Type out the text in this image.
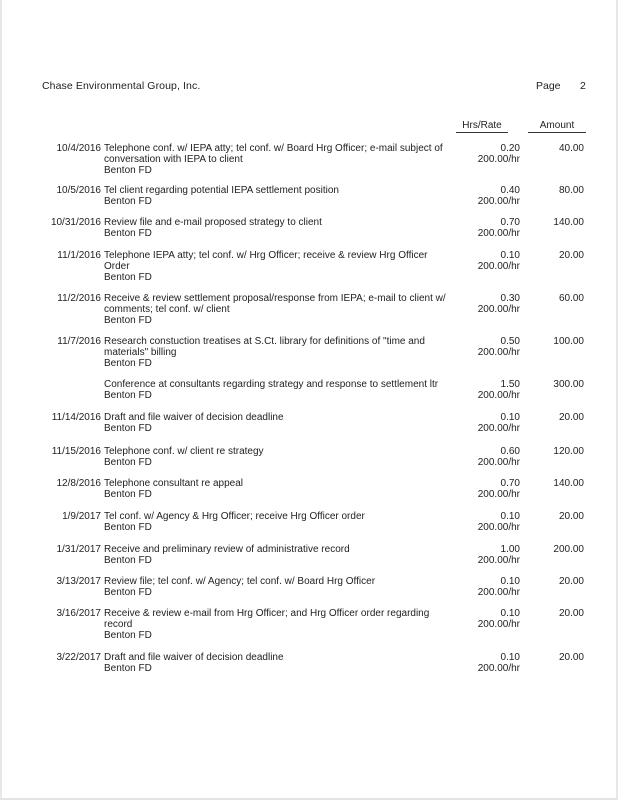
Chase Environmental Group, Inc.	Page 2
Hrs/Rate	Amount
10/4/2016 Telephone conf. w/ IEPA atty; tel conf. w/ Board Hrg Officer; e-mail subject of conversation with IEPA to client
Benton FD
0.20
200.00/hr
40.00
10/5/2016 Tel client regarding potential IEPA settlement position
Benton FD
0.40
200.00/hr
80.00
10/31/2016 Review file and e-mail proposed strategy to client
Benton FD
0.70
200.00/hr
140.00
11/1/2016 Telephone IEPA atty; tel conf. w/ Hrg Officer; receive & review Hrg Officer Order
Benton FD
0.10
200.00/hr
20.00
11/2/2016 Receive & review settlement proposal/response from IEPA; e-mail to client w/ comments; tel conf. w/ client
Benton FD
0.30
200.00/hr
60.00
11/7/2016 Research constuction treatises at S.Ct. library for definitions of "time and materials" billing
Benton FD
0.50
200.00/hr
100.00
Conference at consultants regarding strategy and response to settlement ltr
Benton FD
1.50
200.00/hr
300.00
11/14/2016 Draft and file waiver of decision deadline
Benton FD
0.10
200.00/hr
20.00
11/15/2016 Telephone conf. w/ client re strategy
Benton FD
0.60
200.00/hr
120.00
12/8/2016 Telephone consultant re appeal
Benton FD
0.70
200.00/hr
140.00
1/9/2017 Tel conf. w/ Agency & Hrg Officer; receive Hrg Officer order
Benton FD
0.10
200.00/hr
20.00
1/31/2017 Receive and preliminary review of administrative record
Benton FD
1.00
200.00/hr
200.00
3/13/2017 Review file; tel conf. w/ Agency; tel conf. w/ Board Hrg Officer
Benton FD
0.10
200.00/hr
20.00
3/16/2017 Receive & review e-mail from Hrg Officer; and Hrg Officer order regarding record
Benton FD
0.10
200.00/hr
20.00
3/22/2017 Draft and file waiver of decision deadline
Benton FD
0.10
200.00/hr
20.00
